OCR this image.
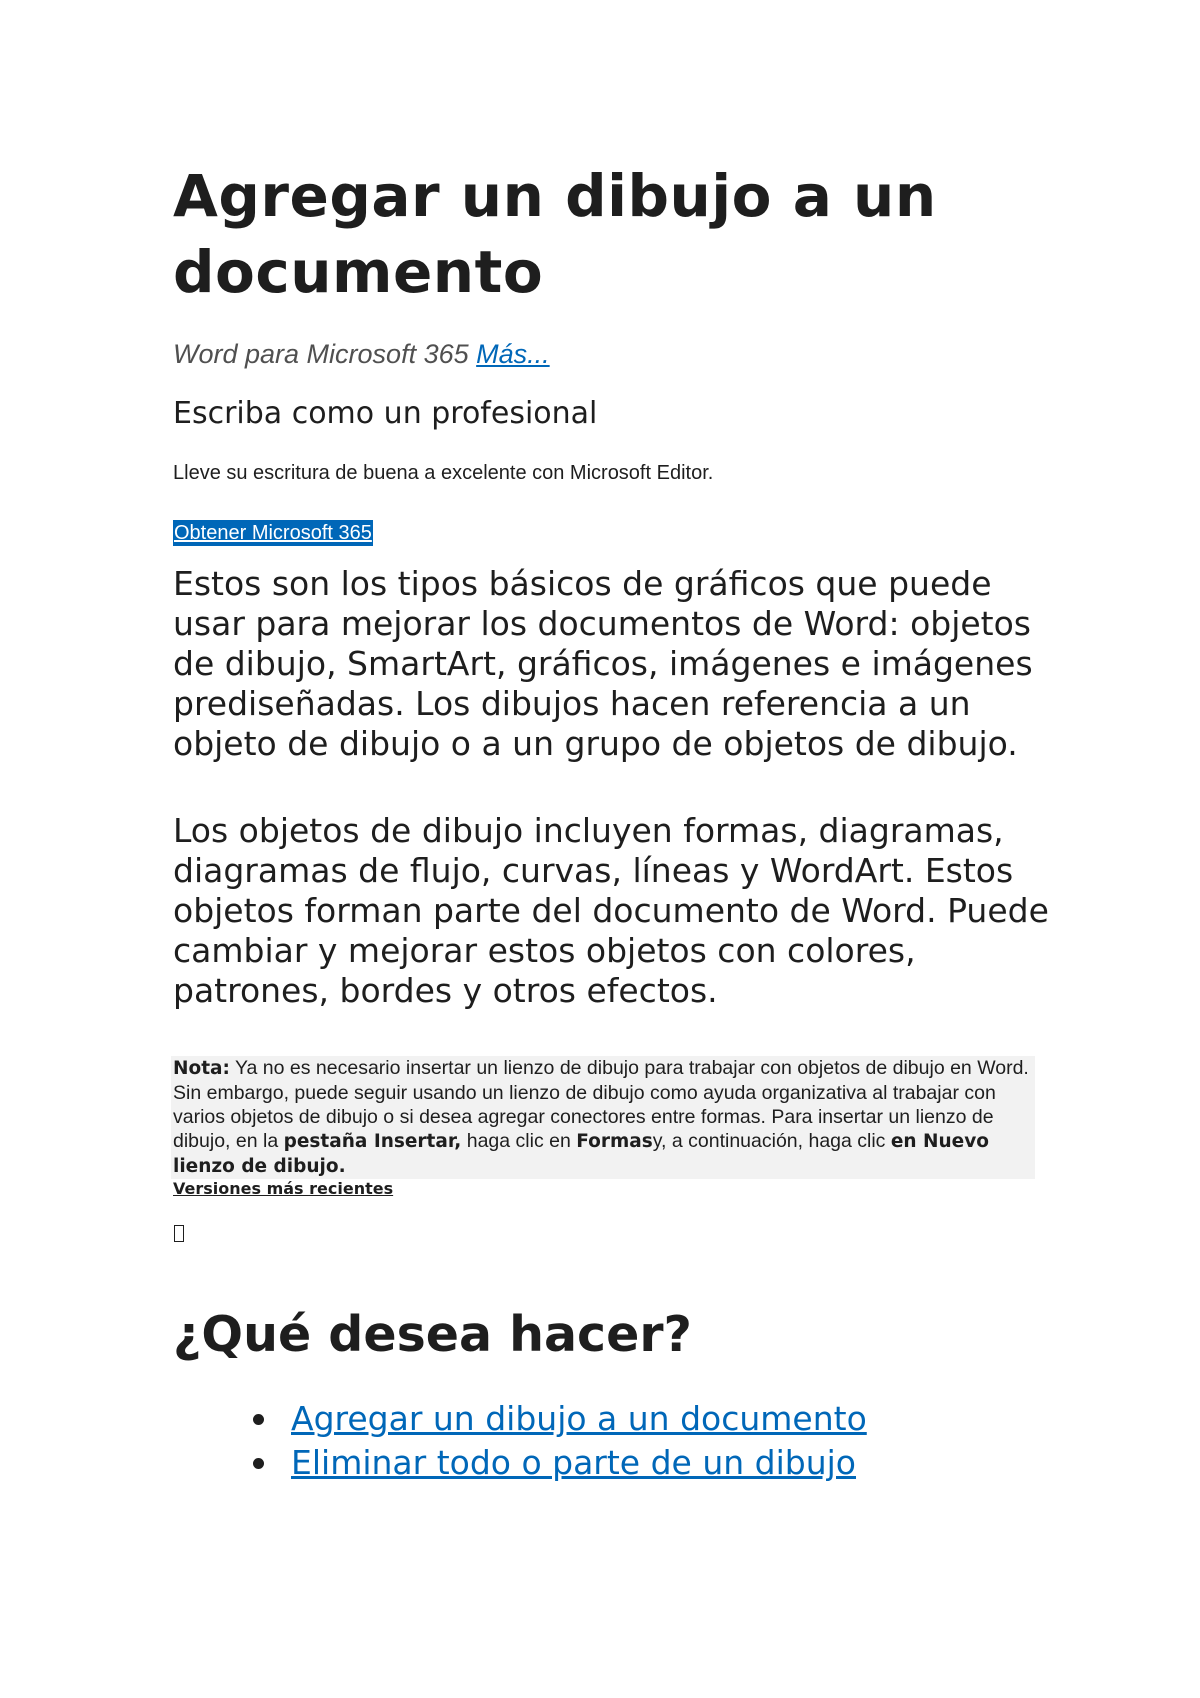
Agregar un dibujo a un documento
Word para Microsoft 365 Más...
Escriba como un profesional
Lleve su escritura de buena a excelente con Microsoft Editor.
Obtener Microsoft 365

Estos son los tipos básicos de gráficos que puede usar para mejorar los documentos de Word: objetos de dibujo, SmartArt, gráficos, imágenes e imágenes prediseñadas. Los dibujos hacen referencia a un objeto de dibujo o a un grupo de objetos de dibujo.

Los objetos de dibujo incluyen formas, diagramas, diagramas de flujo, curvas, líneas y WordArt. Estos objetos forman parte del documento de Word. Puede cambiar y mejorar estos objetos con colores, patrones, bordes y otros efectos.

Nota: Ya no es necesario insertar un lienzo de dibujo para trabajar con objetos de dibujo en Word. Sin embargo, puede seguir usando un lienzo de dibujo como ayuda organizativa al trabajar con varios objetos de dibujo o si desea agregar conectores entre formas. Para insertar un lienzo de dibujo, en la pestaña Insertar, haga clic en Formasy, a continuación, haga clic en Nuevo lienzo de dibujo.
Versiones más recientes
¿Qué desea hacer?
Agregar un dibujo a un documento
Eliminar todo o parte de un dibujo
